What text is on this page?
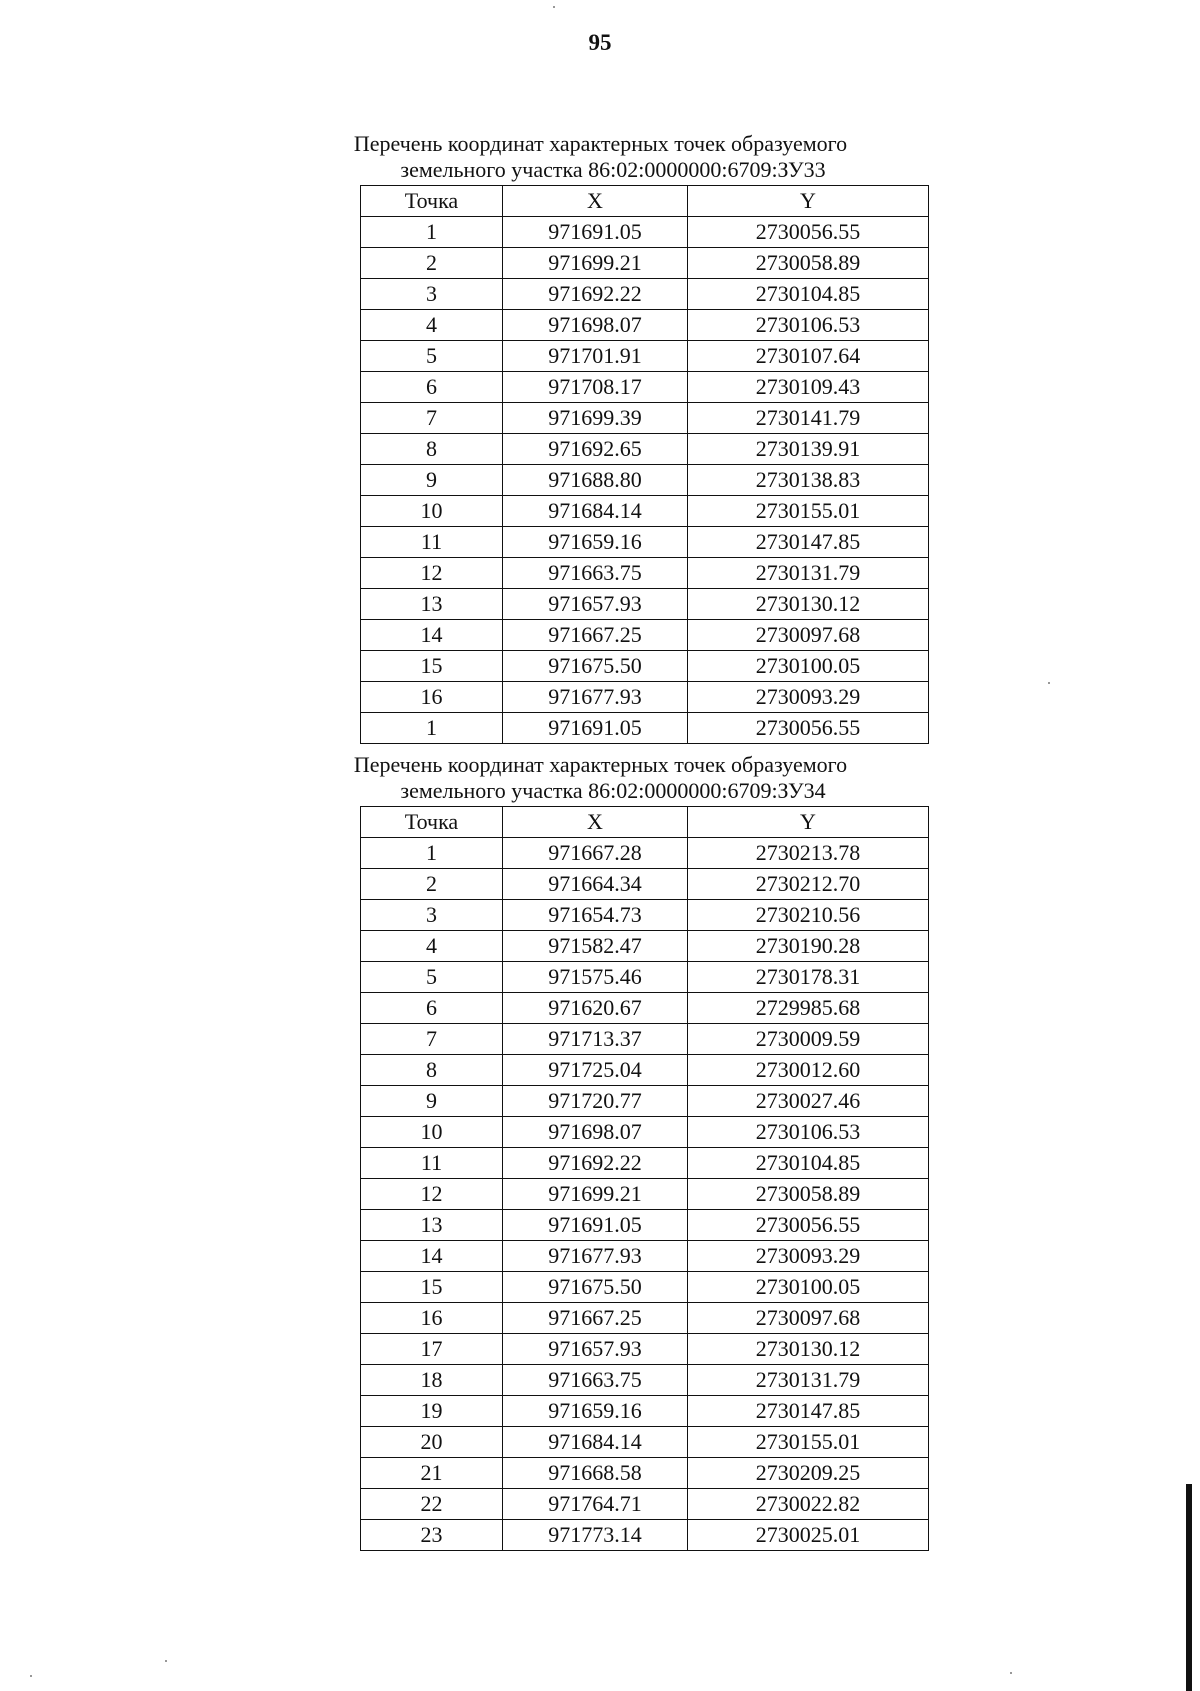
95
Перечень координат характерных точек образуемого
земельного участка 86:02:0000000:6709:ЗУ33
Точка	X	Y
1	971691.05	2730056.55
2	971699.21	2730058.89
3	971692.22	2730104.85
4	971698.07	2730106.53
5	971701.91	2730107.64
6	971708.17	2730109.43
7	971699.39	2730141.79
8	971692.65	2730139.91
9	971688.80	2730138.83
10	971684.14	2730155.01
11	971659.16	2730147.85
12	971663.75	2730131.79
13	971657.93	2730130.12
14	971667.25	2730097.68
15	971675.50	2730100.05
16	971677.93	2730093.29
1	971691.05	2730056.55
Перечень координат характерных точек образуемого
земельного участка 86:02:0000000:6709:ЗУ34
Точка	X	Y
1	971667.28	2730213.78
2	971664.34	2730212.70
3	971654.73	2730210.56
4	971582.47	2730190.28
5	971575.46	2730178.31
6	971620.67	2729985.68
7	971713.37	2730009.59
8	971725.04	2730012.60
9	971720.77	2730027.46
10	971698.07	2730106.53
11	971692.22	2730104.85
12	971699.21	2730058.89
13	971691.05	2730056.55
14	971677.93	2730093.29
15	971675.50	2730100.05
16	971667.25	2730097.68
17	971657.93	2730130.12
18	971663.75	2730131.79
19	971659.16	2730147.85
20	971684.14	2730155.01
21	971668.58	2730209.25
22	971764.71	2730022.82
23	971773.14	2730025.01
